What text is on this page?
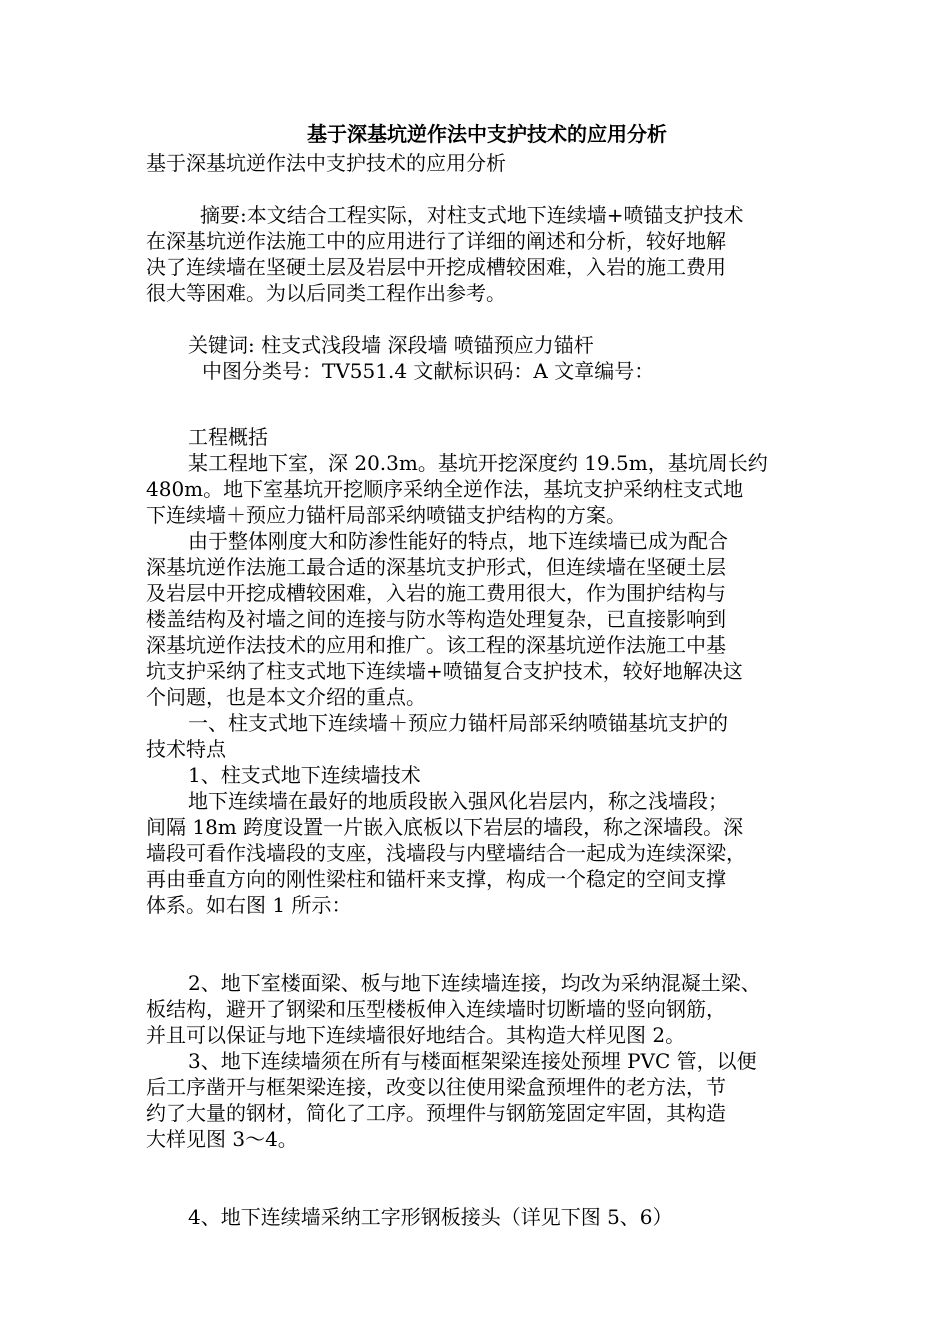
基于深基坑逆作法中支护技术的应用分析
基于深基坑逆作法中支护技术的应用分析
摘要:本文结合工程实际，对柱支式地下连续墙+喷锚支护技术
在深基坑逆作法施工中的应用进行了详细的阐述和分析，较好地解
决了连续墙在坚硬土层及岩层中开挖成槽较困难，入岩的施工费用
很大等困难。为以后同类工程作出参考。
关键词: 柱支式浅段墙 深段墙 喷锚预应力锚杆
中图分类号：TV551.4 文献标识码：A 文章编号：
工程概括
某工程地下室，深 20.3m。基坑开挖深度约 19.5m，基坑周长约
480m。地下室基坑开挖顺序采纳全逆作法，基坑支护采纳柱支式地
下连续墙＋预应力锚杆局部采纳喷锚支护结构的方案。
由于整体刚度大和防渗性能好的特点，地下连续墙已成为配合
深基坑逆作法施工最合适的深基坑支护形式，但连续墙在坚硬土层
及岩层中开挖成槽较困难，入岩的施工费用很大，作为围护结构与
楼盖结构及衬墙之间的连接与防水等构造处理复杂，已直接影响到
深基坑逆作法技术的应用和推广。该工程的深基坑逆作法施工中基
坑支护采纳了柱支式地下连续墙+喷锚复合支护技术，较好地解决这
个问题，也是本文介绍的重点。
一、柱支式地下连续墙＋预应力锚杆局部采纳喷锚基坑支护的
技术特点
1、柱支式地下连续墙技术
地下连续墙在最好的地质段嵌入强风化岩层内，称之浅墙段；
间隔 18m 跨度设置一片嵌入底板以下岩层的墙段，称之深墙段。深
墙段可看作浅墙段的支座，浅墙段与内壁墙结合一起成为连续深梁，
再由垂直方向的刚性梁柱和锚杆来支撑，构成一个稳定的空间支撑
体系。如右图 1 所示：
2、地下室楼面梁、板与地下连续墙连接，均改为采纳混凝土梁、
板结构，避开了钢梁和压型楼板伸入连续墙时切断墙的竖向钢筋，
并且可以保证与地下连续墙很好地结合。其构造大样见图 2。
3、地下连续墙须在所有与楼面框架梁连接处预埋 PVC 管，以便
后工序凿开与框架梁连接，改变以往使用梁盒预埋件的老方法，节
约了大量的钢材，简化了工序。预埋件与钢筋笼固定牢固，其构造
大样见图 3～4。
4、地下连续墙采纳工字形钢板接头（详见下图 5、6）
